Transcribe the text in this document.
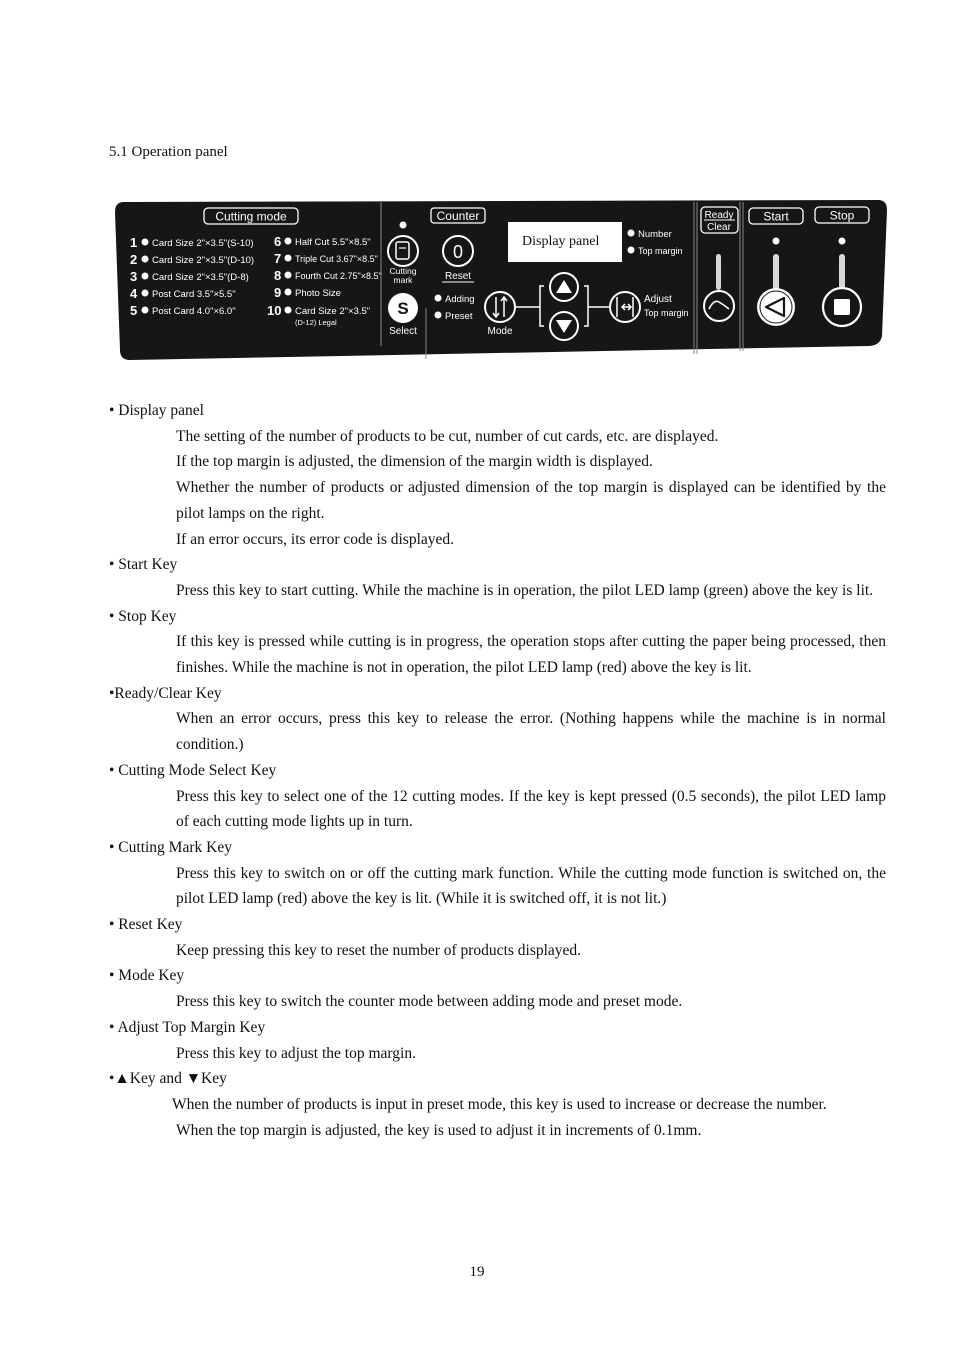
5.1 Operation panel
Cutting mode
1 Card Size 2"×3.5"(S-10)
2 Card Size 2"×3.5"(D-10)
3 Card Size 2"×3.5"(D-8)
4 Post Card 3.5"×5.5"
5 Post Card 4.0"×6.0"
6 Half Cut 5.5"×8.5"
7 Triple Cut 3.67"×8.5"
8 Fourth Cut 2.75"×8.5"
9 Photo Size
10 Card Size 2"×3.5"
(D-12) Legal
Cutting
mark
S
Select
Counter
0
Reset
Adding
Preset
Mode
Display panel	Number
Top margin
Adjust
Top margin
Ready
Clear
Start	Stop

• Display panel

The setting of the number of products to be cut, number of cut cards, etc. are displayed.

If the top margin is adjusted, the dimension of the margin width is displayed.

Whether the number of products or adjusted dimension of the top margin is displayed can be identified by the pilot lamps on the right.

If an error occurs, its error code is displayed.

• Start Key

Press this key to start cutting. While the machine is in operation, the pilot LED lamp (green) above the key is lit.

• Stop Key

If this key is pressed while cutting is in progress, the operation stops after cutting the paper being processed, then finishes. While the machine is not in operation, the pilot LED lamp (red) above the key is lit.

•Ready/Clear Key

When an error occurs, press this key to release the error. (Nothing happens while the machine is in normal condition.)

• Cutting Mode Select Key

Press this key to select one of the 12 cutting modes. If the key is kept pressed (0.5 seconds), the pilot LED lamp of each cutting mode lights up in turn.

• Cutting Mark Key

Press this key to switch on or off the cutting mark function. While the cutting mode function is switched on, the pilot LED lamp (red) above the key is lit. (While it is switched off, it is not lit.)

• Reset Key

Keep pressing this key to reset the number of products displayed.

• Mode Key

Press this key to switch the counter mode between adding mode and preset mode.

• Adjust Top Margin Key

Press this key to adjust the top margin.

•▲Key and ▼Key

When the number of products is input in preset mode, this key is used to increase or decrease the number.

When the top margin is adjusted, the key is used to adjust it in increments of 0.1mm.

19
